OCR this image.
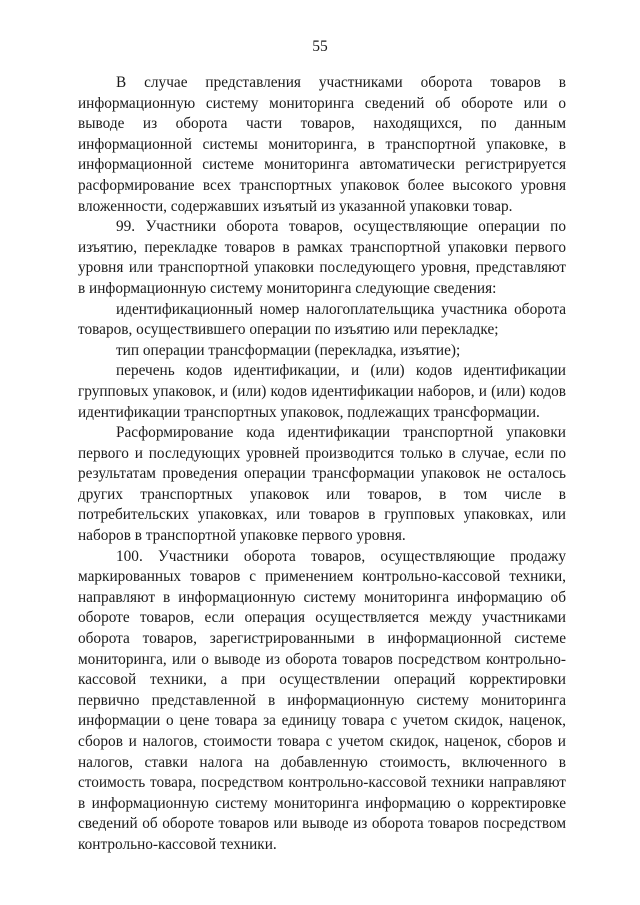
55

В случае представления участниками оборота товаров в информационную систему мониторинга сведений об обороте или о выводе из оборота части товаров, находящихся, по данным информационной системы мониторинга, в транспортной упаковке, в информационной системе мониторинга автоматически регистрируется расформирование всех транспортных упаковок более высокого уровня вложенности, содержавших изъятый из указанной упаковки товар.

99. Участники оборота товаров, осуществляющие операции по изъятию, перекладке товаров в рамках транспортной упаковки первого уровня или транспортной упаковки последующего уровня, представляют в информационную систему мониторинга следующие сведения:

идентификационный номер налогоплательщика участника оборота товаров, осуществившего операции по изъятию или перекладке;

тип операции трансформации (перекладка, изъятие);

перечень кодов идентификации, и (или) кодов идентификации групповых упаковок, и (или) кодов идентификации наборов, и (или) кодов идентификации транспортных упаковок, подлежащих трансформации.

Расформирование кода идентификации транспортной упаковки первого и последующих уровней производится только в случае, если по результатам проведения операции трансформации упаковок не осталось других транспортных упаковок или товаров, в том числе в потребительских упаковках, или товаров в групповых упаковках, или наборов в транспортной упаковке первого уровня.

100. Участники оборота товаров, осуществляющие продажу маркированных товаров с применением контрольно-кассовой техники, направляют в информационную систему мониторинга информацию об обороте товаров, если операция осуществляется между участниками оборота товаров, зарегистрированными в информационной системе мониторинга, или о выводе из оборота товаров посредством контрольно-кассовой техники, а при осуществлении операций корректировки первично представленной в информационную систему мониторинга информации о цене товара за единицу товара с учетом скидок, наценок, сборов и налогов, стоимости товара с учетом скидок, наценок, сборов и налогов, ставки налога на добавленную стоимость, включенного в стоимость товара, посредством контрольно-кассовой техники направляют в информационную систему мониторинга информацию о корректировке сведений об обороте товаров или выводе из оборота товаров посредством контрольно-кассовой техники.
